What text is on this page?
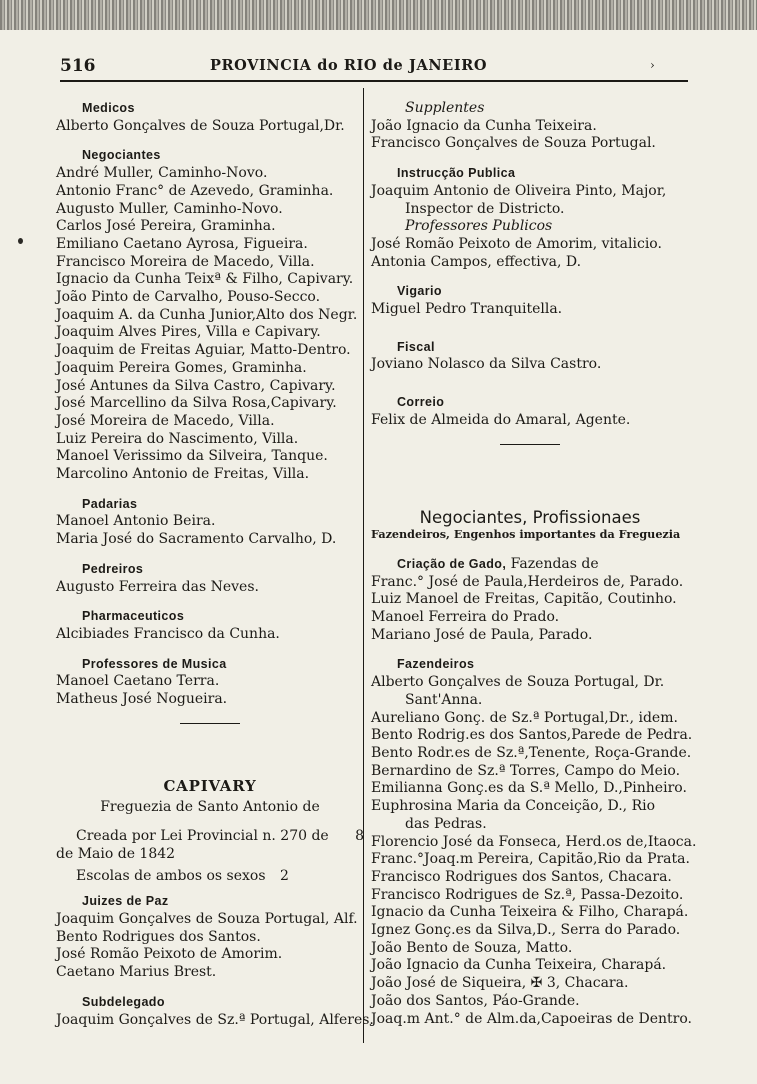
516	PROVINCIA do RIO de JANEIRO	›
Medicos
Alberto Gonçalves de Souza Portugal,Dr.
Negociantes
André Muller, Caminho-Novo.
Antonio Franc° de Azevedo, Graminha.
Augusto Muller, Caminho-Novo.
Carlos José Pereira, Graminha.
Emiliano Caetano Ayrosa, Figueira.
Francisco Moreira de Macedo, Villa.
Ignacio da Cunha Teixª & Filho, Capivary.
João Pinto de Carvalho, Pouso-Secco.
Joaquim A. da Cunha Junior,Alto dos Negr.
Joaquim Alves Pires, Villa e Capivary.
Joaquim de Freitas Aguiar, Matto-Dentro.
Joaquim Pereira Gomes, Graminha.
José Antunes da Silva Castro, Capivary.
José Marcellino da Silva Rosa,Capivary.
José Moreira de Macedo, Villa.
Luiz Pereira do Nascimento, Villa.
Manoel Verissimo da Silveira, Tanque.
Marcolino Antonio de Freitas, Villa.
Padarias
Manoel Antonio Beira.
Maria José do Sacramento Carvalho, D.
Pedreiros
Augusto Ferreira das Neves.
Pharmaceuticos
Alcibiades Francisco da Cunha.
Professores de Musica
Manoel Caetano Terra.
Matheus José Nogueira.
CAPIVARY
Freguezia de Santo Antonio de
Creada por Lei Provincial n. 270 de 8
de Maio de 1842
Escolas de ambos os sexos 2
Juizes de Paz
Joaquim Gonçalves de Souza Portugal, Alf.
Bento Rodrigues dos Santos.
José Romão Peixoto de Amorim.
Caetano Marius Brest.
Subdelegado
Joaquim Gonçalves de Sz.ª Portugal, Alferes.
Supplentes
João Ignacio da Cunha Teixeira.
Francisco Gonçalves de Souza Portugal.
Instrucção Publica
Joaquim Antonio de Oliveira Pinto, Major,
Inspector de Districto.
Professores Publicos
José Romão Peixoto de Amorim, vitalicio.
Antonia Campos, effectiva, D.
Vigario
Miguel Pedro Tranquitella.
Fiscal
Joviano Nolasco da Silva Castro.
Correio
Felix de Almeida do Amaral, Agente.
Negociantes, Profissionaes
Fazendeiros, Engenhos importantes da Freguezia
Criação de Gado, Fazendas de
Franc.° José de Paula,Herdeiros de, Parado.
Luiz Manoel de Freitas, Capitão, Coutinho.
Manoel Ferreira do Prado.
Mariano José de Paula, Parado.
Fazendeiros
Alberto Gonçalves de Souza Portugal, Dr.
Sant'Anna.
Aureliano Gonç. de Sz.ª Portugal,Dr., idem.
Bento Rodrig.es dos Santos,Parede de Pedra.
Bento Rodr.es de Sz.ª,Tenente, Roça-Grande.
Bernardino de Sz.ª Torres, Campo do Meio.
Emilianna Gonç.es da S.ª Mello, D.,Pinheiro.
Euphrosina Maria da Conceição, D., Rio
das Pedras.
Florencio José da Fonseca, Herd.os de,Itaoca.
Franc.°Joaq.m Pereira, Capitão,Rio da Prata.
Francisco Rodrigues dos Santos, Chacara.
Francisco Rodrigues de Sz.ª, Passa-Dezoito.
Ignacio da Cunha Teixeira & Filho, Charapá.
Ignez Gonç.es da Silva,D., Serra do Parado.
João Bento de Souza, Matto.
João Ignacio da Cunha Teixeira, Charapá.
João José de Siqueira, ✠ 3, Chacara.
João dos Santos, Páo-Grande.
Joaq.m Ant.° de Alm.da,Capoeiras de Dentro.
